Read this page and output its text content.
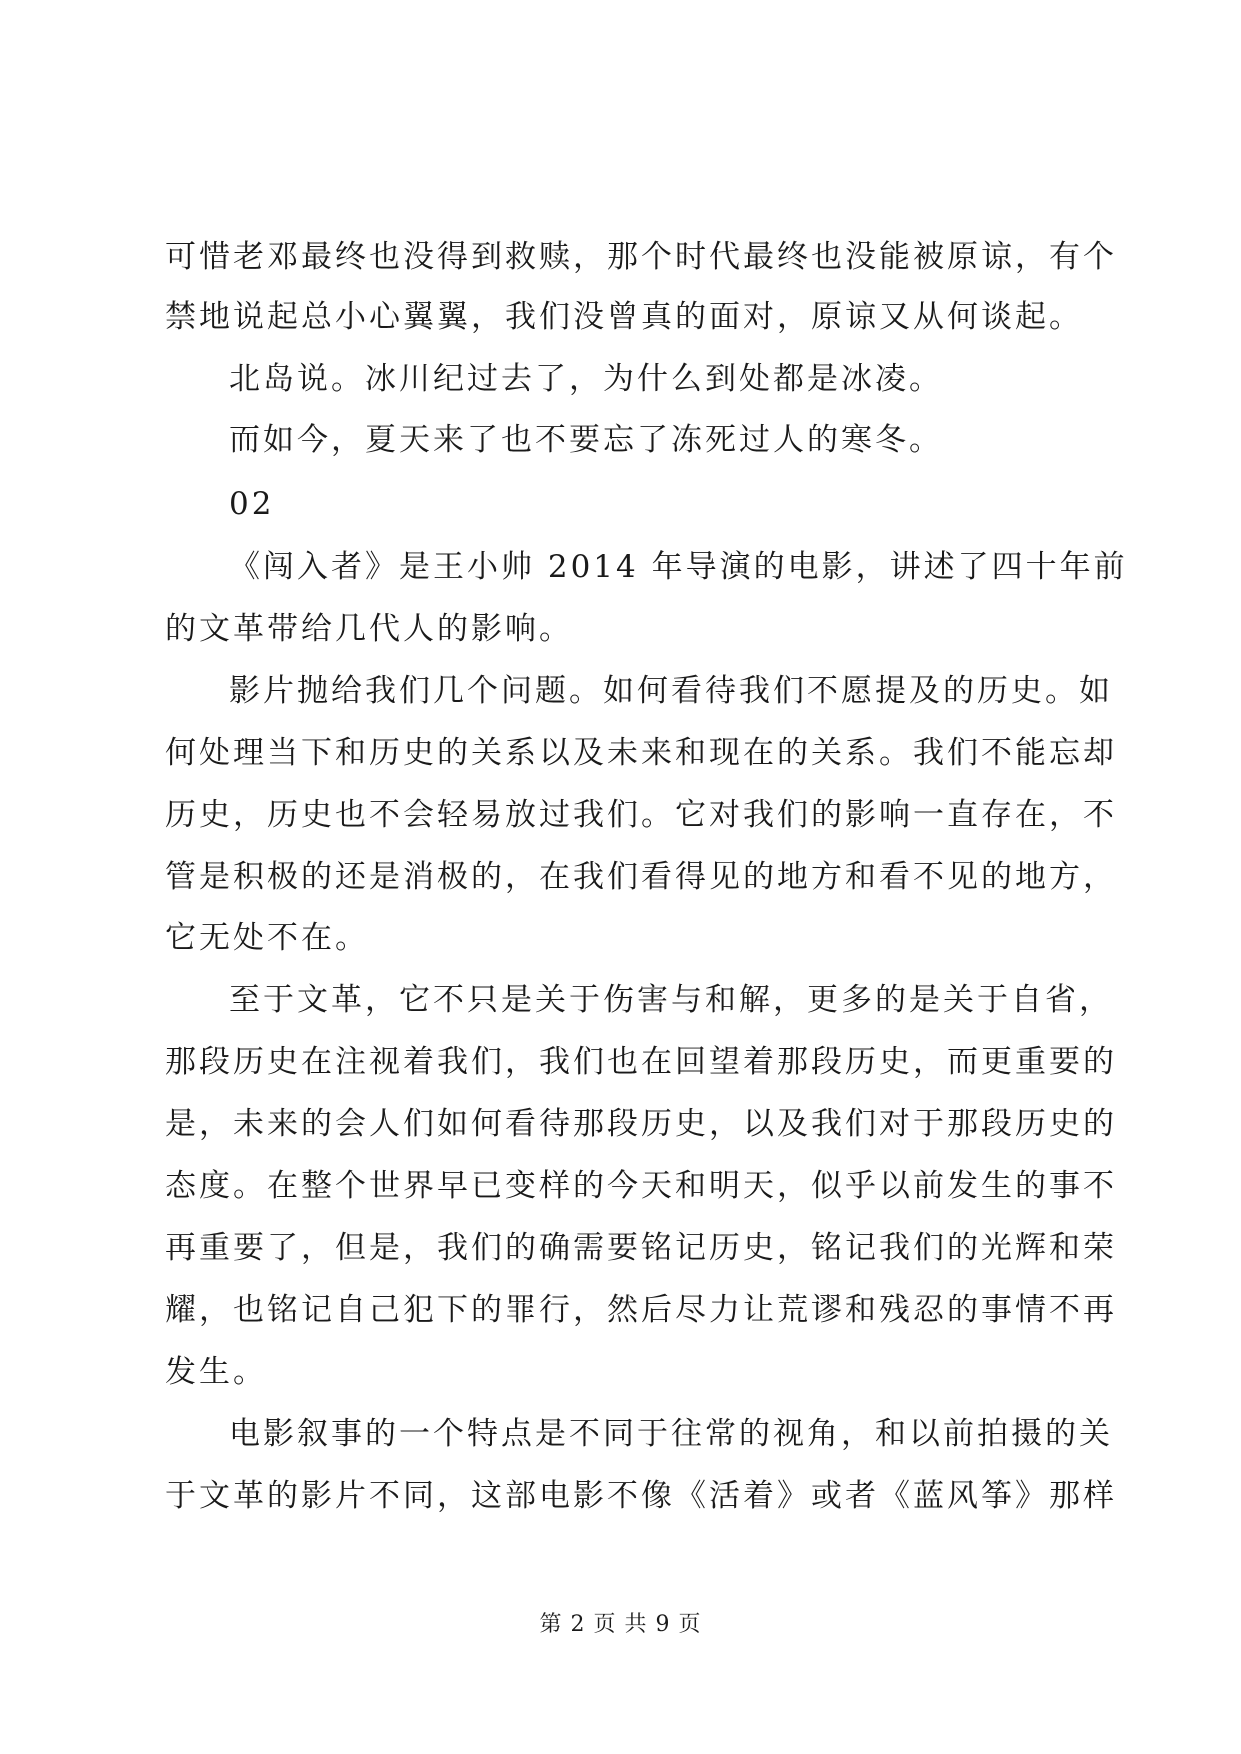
可惜老邓最终也没得到救赎，那个时代最终也没能被原谅，有个

禁地说起总小心翼翼，我们没曾真的面对，原谅又从何谈起。

北岛说。冰川纪过去了，为什么到处都是冰凌。

而如今，夏天来了也不要忘了冻死过人的寒冬。

02

《闯入者》是王小帅 2014 年导演的电影，讲述了四十年前

的文革带给几代人的影响。

影片抛给我们几个问题。如何看待我们不愿提及的历史。如

何处理当下和历史的关系以及未来和现在的关系。我们不能忘却

历史，历史也不会轻易放过我们。它对我们的影响一直存在，不

管是积极的还是消极的，在我们看得见的地方和看不见的地方，

它无处不在。

至于文革，它不只是关于伤害与和解，更多的是关于自省，

那段历史在注视着我们，我们也在回望着那段历史，而更重要的

是，未来的会人们如何看待那段历史，以及我们对于那段历史的

态度。在整个世界早已变样的今天和明天，似乎以前发生的事不

再重要了，但是，我们的确需要铭记历史，铭记我们的光辉和荣

耀，也铭记自己犯下的罪行，然后尽力让荒谬和残忍的事情不再

发生。

电影叙事的一个特点是不同于往常的视角，和以前拍摄的关

于文革的影片不同，这部电影不像《活着》或者《蓝风筝》那样

第 2 页 共 9 页
